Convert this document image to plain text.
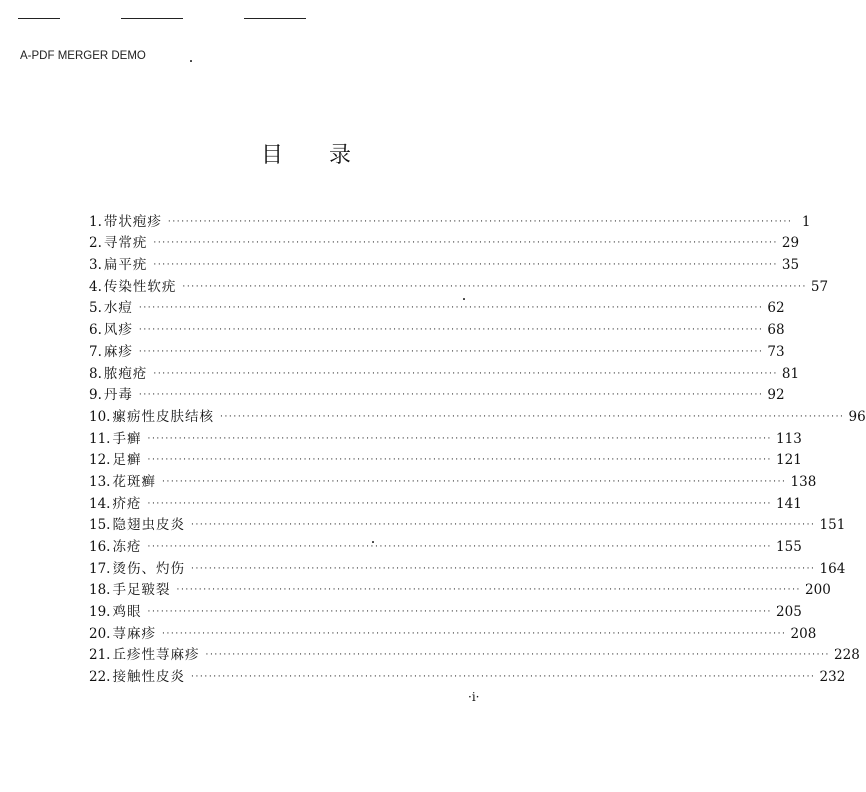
A-PDF MERGER DEMO
目录
1. 带状疱疹 ············································································································································ 1
2. 寻常疣 ············································································································································ 29
3. 扁平疣 ············································································································································ 35
4. 传染性软疣 ············································································································································ 57
5. 水痘 ············································································································································ 62
6. 风疹 ············································································································································ 68
7. 麻疹 ············································································································································ 73
8. 脓疱疮 ············································································································································ 81
9. 丹毒 ············································································································································ 92
10. 瘰疬性皮肤结核 ············································································································································ 96
11. 手癣 ············································································································································ 113
12. 足癣 ············································································································································ 121
13. 花斑癣 ············································································································································ 138
14. 疥疮 ············································································································································ 141
15. 隐翅虫皮炎 ············································································································································ 151
16. 冻疮 ············································································································································ 155
17. 烫伤、灼伤 ············································································································································ 164
18. 手足皲裂 ············································································································································ 200
19. 鸡眼 ············································································································································ 205
20. 荨麻疹 ············································································································································ 208
21. 丘疹性荨麻疹 ············································································································································ 228
22. 接触性皮炎 ············································································································································ 232
·i·
